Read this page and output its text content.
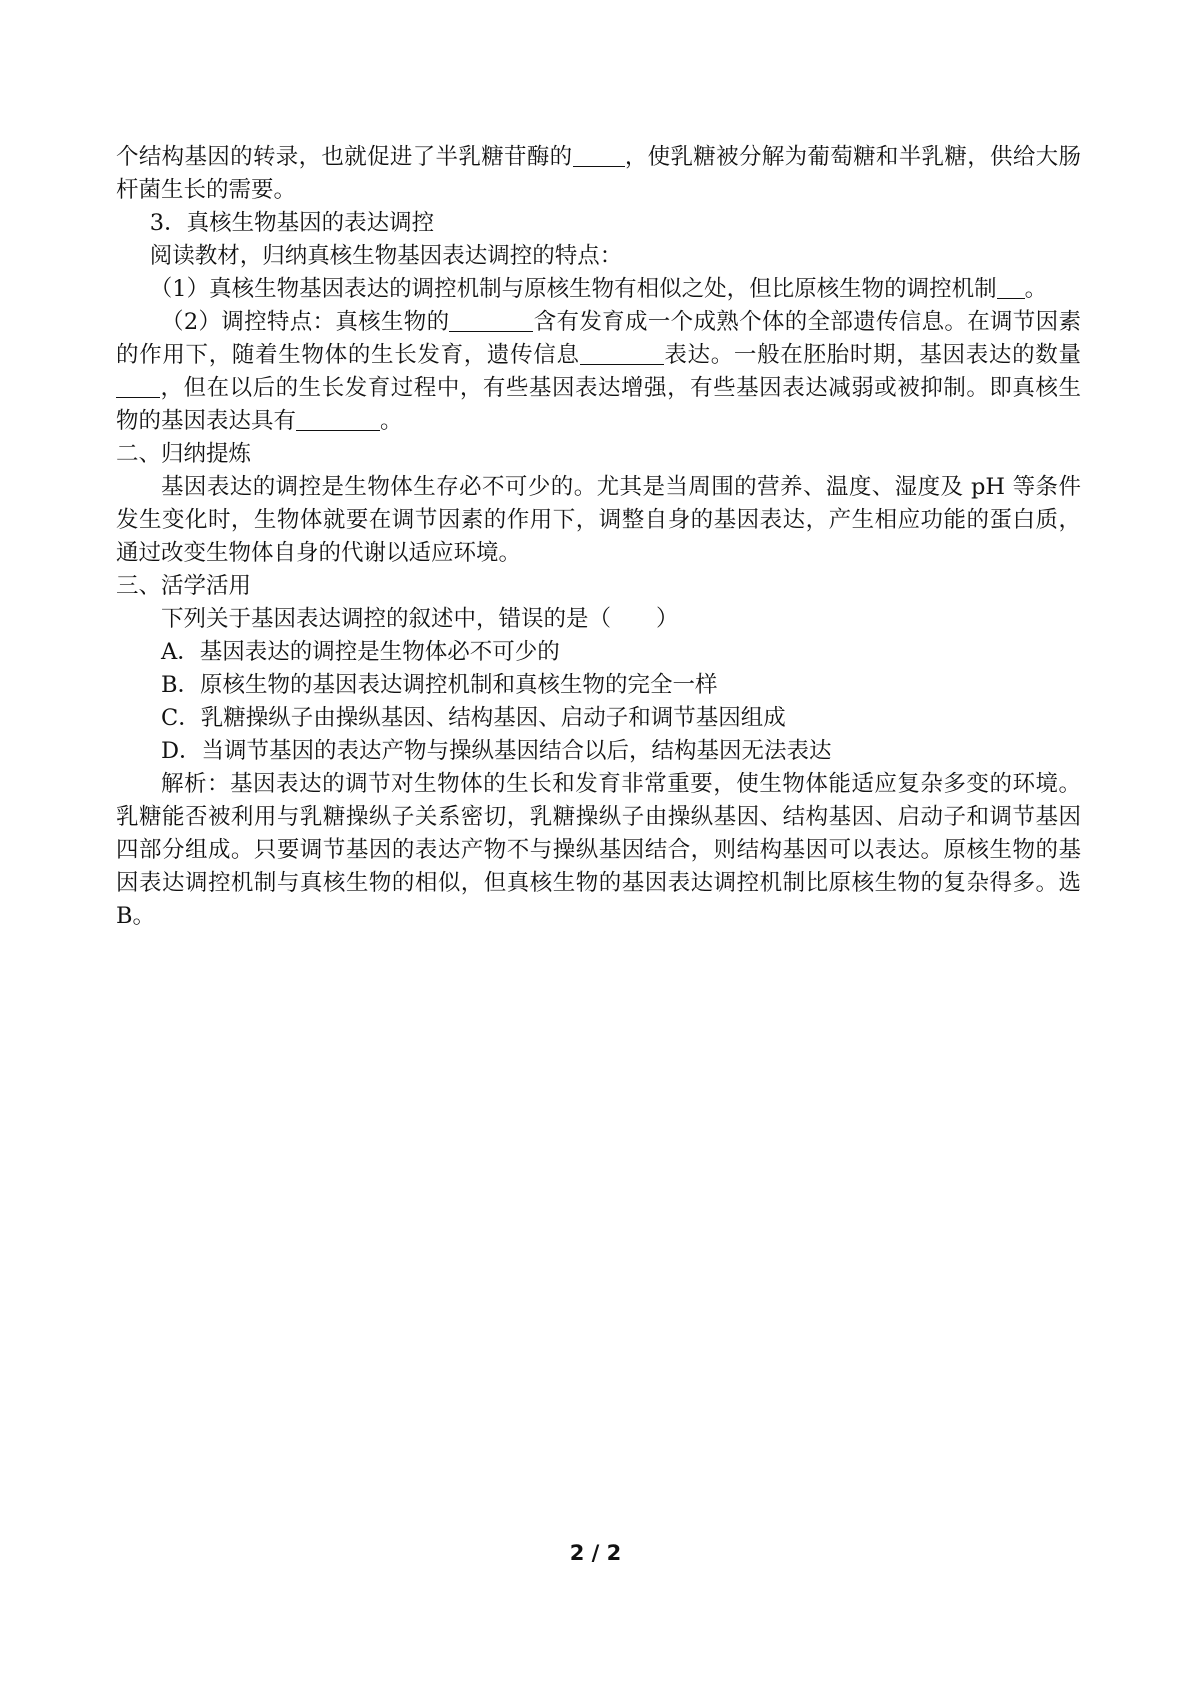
个结构基因的转录，也就促进了半乳糖苷酶的 ，使乳糖被分解为葡萄糖和半乳糖，供给大肠杆菌生长的需要。

3．真核生物基因的表达调控

阅读教材，归纳真核生物基因表达调控的特点：

（1）真核生物基因表达的调控机制与原核生物有相似之处，但比原核生物的调控机制 。

（2）调控特点：真核生物的	含有发育成一个成熟个体的全部遗传信息。在调节因素的作用下，随着生物体的生长发育，遗传信息	表达。一般在胚胎时期，基因表达的数量，但在以后的生长发育过程中，有些基因表达增强，有些基因表达减弱或被抑制。即真核生物的基因表达具有	。

二、归纳提炼

基因表达的调控是生物体生存必不可少的。尤其是当周围的营养、温度、湿度及 pH 等条件发生变化时，生物体就要在调节因素的作用下，调整自身的基因表达，产生相应功能的蛋白质，通过改变生物体自身的代谢以适应环境。

三、活学活用

下列关于基因表达调控的叙述中，错误的是（　　）

A．基因表达的调控是生物体必不可少的

B．原核生物的基因表达调控机制和真核生物的完全一样

C．乳糖操纵子由操纵基因、结构基因、启动子和调节基因组成

D．当调节基因的表达产物与操纵基因结合以后，结构基因无法表达

解析：基因表达的调节对生物体的生长和发育非常重要，使生物体能适应复杂多变的环境。乳糖能否被利用与乳糖操纵子关系密切，乳糖操纵子由操纵基因、结构基因、启动子和调节基因四部分组成。只要调节基因的表达产物不与操纵基因结合，则结构基因可以表达。原核生物的基因表达调控机制与真核生物的相似，但真核生物的基因表达调控机制比原核生物的复杂得多。选 B。

2 / 2
